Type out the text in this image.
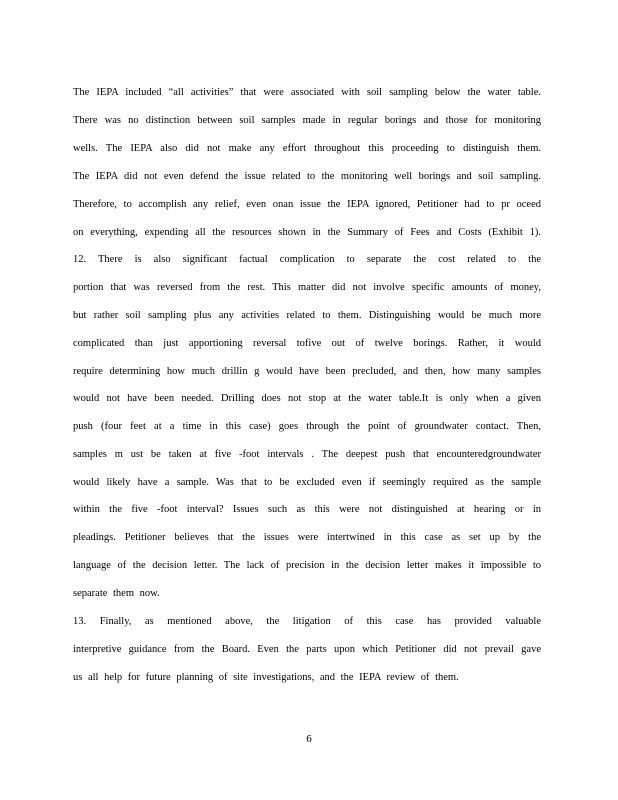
The IEPA included “all activities” that were associated with soil sampling below the water table.
There was no distinction between soil samples made in regular borings and those for monitoring
wells. The IEPA also did not make any effort throughout this proceeding to distinguish them.
The IEPA did not even defend the issue related to the monitoring well borings and soil sampling.
Therefore, to accomplish any relief, even onan issue the IEPA ignored, Petitioner had to pr oceed
on everything, expending all the resources shown in the Summary of Fees and Costs (Exhibit 1).
12. There is also significant factual complication to separate the cost related to the
portion that was reversed from the rest. This matter did not involve specific amounts of money,
but rather soil sampling plus any activities related to them. Distinguishing would be much more
complicated than just apportioning reversal tofive out of twelve borings. Rather, it would
require determining how much drillin g would have been precluded, and then, how many samples
would not have been needed. Drilling does not stop at the water table.It is only when a given
push (four feet at a time in this case) goes through the point of groundwater contact. Then,
samples m ust be taken at five -foot intervals . The deepest push that encounteredgroundwater
would likely have a sample. Was that to be excluded even if seemingly required as the sample
within the five -foot interval? Issues such as this were not distinguished at hearing or in
pleadings. Petitioner believes that the issues were intertwined in this case as set up by the
language of the decision letter. The lack of precision in the decision letter makes it impossible to
separate them now.
13. Finally, as mentioned above, the litigation of this case has provided valuable
interpretive guidance from the Board. Even the parts upon which Petitioner did not prevail gave
us all help for future planning of site investigations, and the IEPA review of them.
6
